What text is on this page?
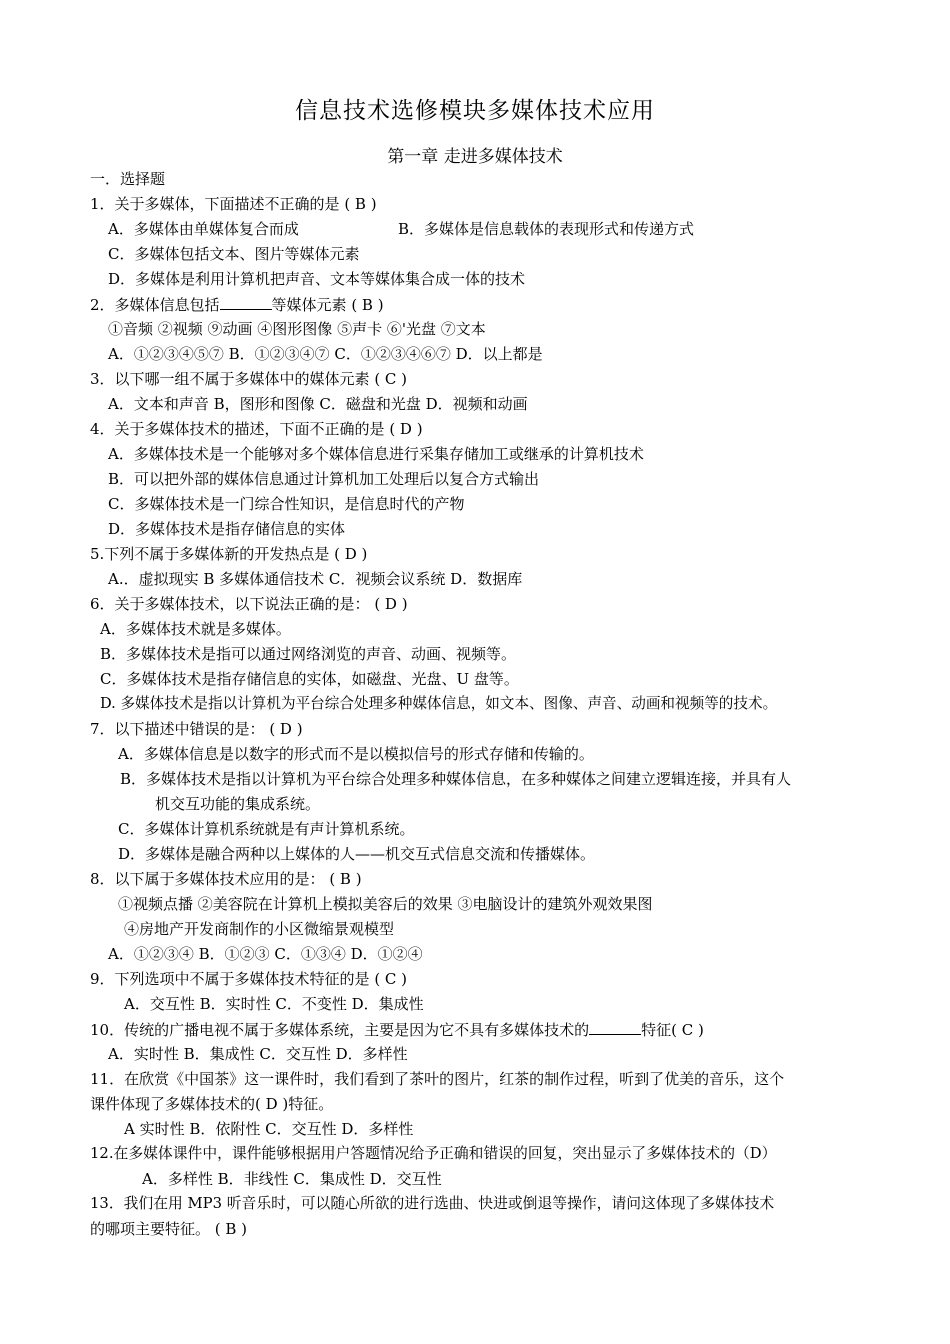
信息技术选修模块多媒体技术应用
第一章 走进多媒体技术
一．选择题
1．关于多媒体，下面描述不正确的是 ( B )
A．多媒体由单媒体复合而成	B．多媒体是信息载体的表现形式和传递方式
C．多媒体包括文本、图片等媒体元素
D．多媒体是利用计算机把声音、文本等媒体集合成一体的技术
2．多媒体信息包括	等媒体元素 ( B )
①音频 ②视频 ⑨动画 ④图形图像 ⑤声卡 ⑥'光盘 ⑦文本
A．①②③④⑤⑦ B．①②③④⑦ C．①②③④⑥⑦ D．以上都是
3．以下哪一组不属于多媒体中的媒体元素 ( C )
A．文本和声音 B，图形和图像 C．磁盘和光盘 D．视频和动画
4．关于多媒体技术的描述，下面不正确的是 ( D )
A．多媒体技术是一个能够对多个媒体信息进行采集存储加工或继承的计算机技术
B．可以把外部的媒体信息通过计算机加工处理后以复合方式输出
C．多媒体技术是一门综合性知识，是信息时代的产物
D．多媒体技术是指存储信息的实体
5.下列不属于多媒体新的开发热点是 ( D )
A.．虚拟现实 B 多媒体通信技术 C．视频会议系统 D．数据库
6．关于多媒体技术，以下说法正确的是： ( D )
A．多媒体技术就是多媒体。
B．多媒体技术是指可以通过网络浏览的声音、动画、视频等。
C．多媒体技术是指存储信息的实体，如磁盘、光盘、U 盘等。
D. 多媒体技术是指以计算机为平台综合处理多种媒体信息，如文本、图像、声音、动画和视频等的技术。
7．以下描述中错误的是： ( D )
A．多媒体信息是以数字的形式而不是以模拟信号的形式存储和传输的。
B．多媒体技术是指以计算机为平台综合处理多种媒体信息，在多种媒体之间建立逻辑连接，并具有人
机交互功能的集成系统。
C．多媒体计算机系统就是有声计算机系统。
D．多媒体是融合两种以上媒体的人——机交互式信息交流和传播媒体。
8．以下属于多媒体技术应用的是： ( B )
①视频点播 ②美容院在计算机上模拟美容后的效果 ③电脑设计的建筑外观效果图
④房地产开发商制作的小区微缩景观模型
A．①②③④ B．①②③ C．①③④ D．①②④
9．下列选项中不属于多媒体技术特征的是 ( C )
A．交互性 B．实时性 C．不变性 D．集成性
10．传统的广播电视不属于多媒体系统，主要是因为它不具有多媒体技术的	特征( C )
A．实时性 B．集成性 C．交互性 D．多样性
11．在欣赏《中国茶》这一课件时，我们看到了茶叶的图片，红茶的制作过程，听到了优美的音乐，这个
课件体现了多媒体技术的( D )特征。
A 实时性 B．依附性 C．交互性 D．多样性
12.在多媒体课件中，课件能够根据用户答题情况给予正确和错误的回复，突出显示了多媒体技术的（D）
A．多样性 B．非线性 C．集成性 D．交互性
13．我们在用 MP3 听音乐时，可以随心所欲的进行选曲、快进或倒退等操作，请问这体现了多媒体技术
的哪项主要特征。 ( B )
